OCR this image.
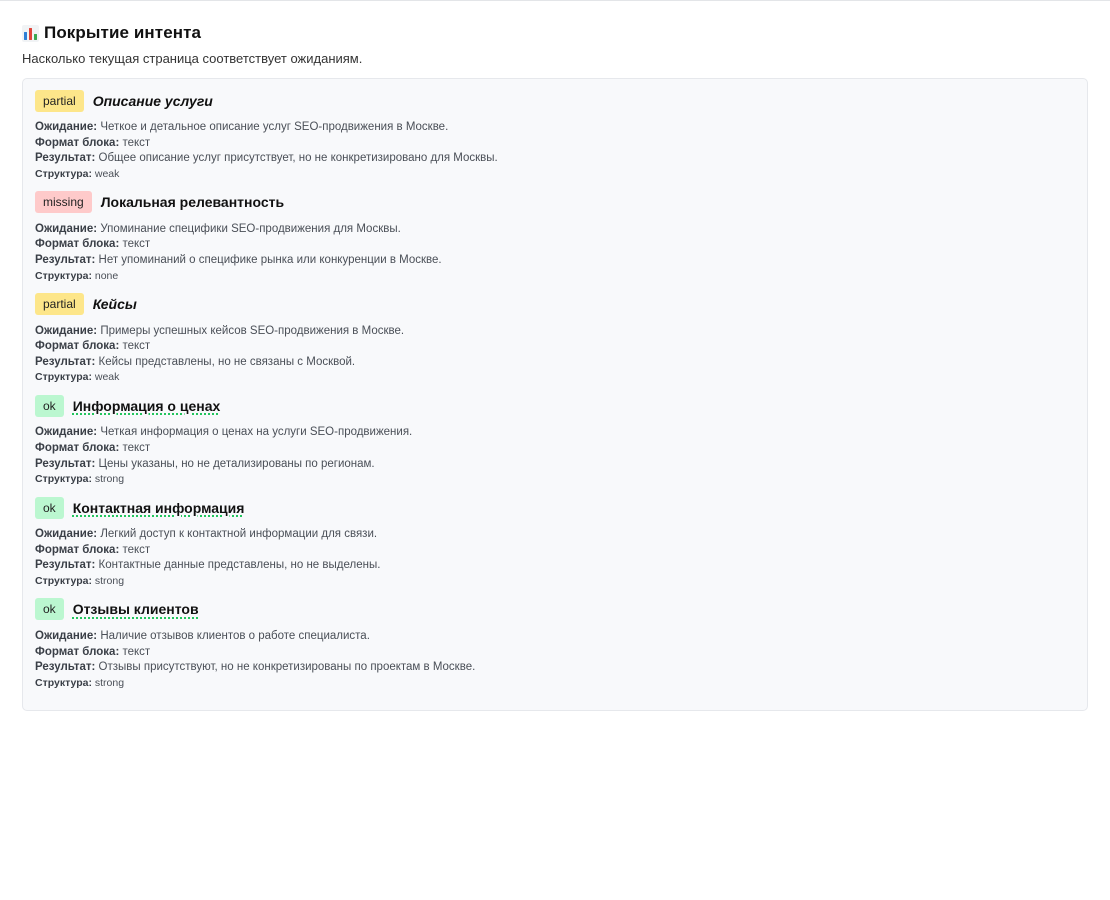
Покрытие интента
Насколько текущая страница соответствует ожиданиям.
partial	Описание услуги
Ожидание: Четкое и детальное описание услуг SEO-продвижения в Москве.
Формат блока: текст
Результат: Общее описание услуг присутствует, но не конкретизировано для Москвы.
Структура: weak
missing	Локальная релевантность
Ожидание: Упоминание специфики SEO-продвижения для Москвы.
Формат блока: текст
Результат: Нет упоминаний о специфике рынка или конкуренции в Москве.
Структура: none
partial	Кейсы
Ожидание: Примеры успешных кейсов SEO-продвижения в Москве.
Формат блока: текст
Результат: Кейсы представлены, но не связаны с Москвой.
Структура: weak
ok	Информация о ценах
Ожидание: Четкая информация о ценах на услуги SEO-продвижения.
Формат блока: текст
Результат: Цены указаны, но не детализированы по регионам.
Структура: strong
ok	Контактная информация
Ожидание: Легкий доступ к контактной информации для связи.
Формат блока: текст
Результат: Контактные данные представлены, но не выделены.
Структура: strong
ok	Отзывы клиентов
Ожидание: Наличие отзывов клиентов о работе специалиста.
Формат блока: текст
Результат: Отзывы присутствуют, но не конкретизированы по проектам в Москве.
Структура: strong
